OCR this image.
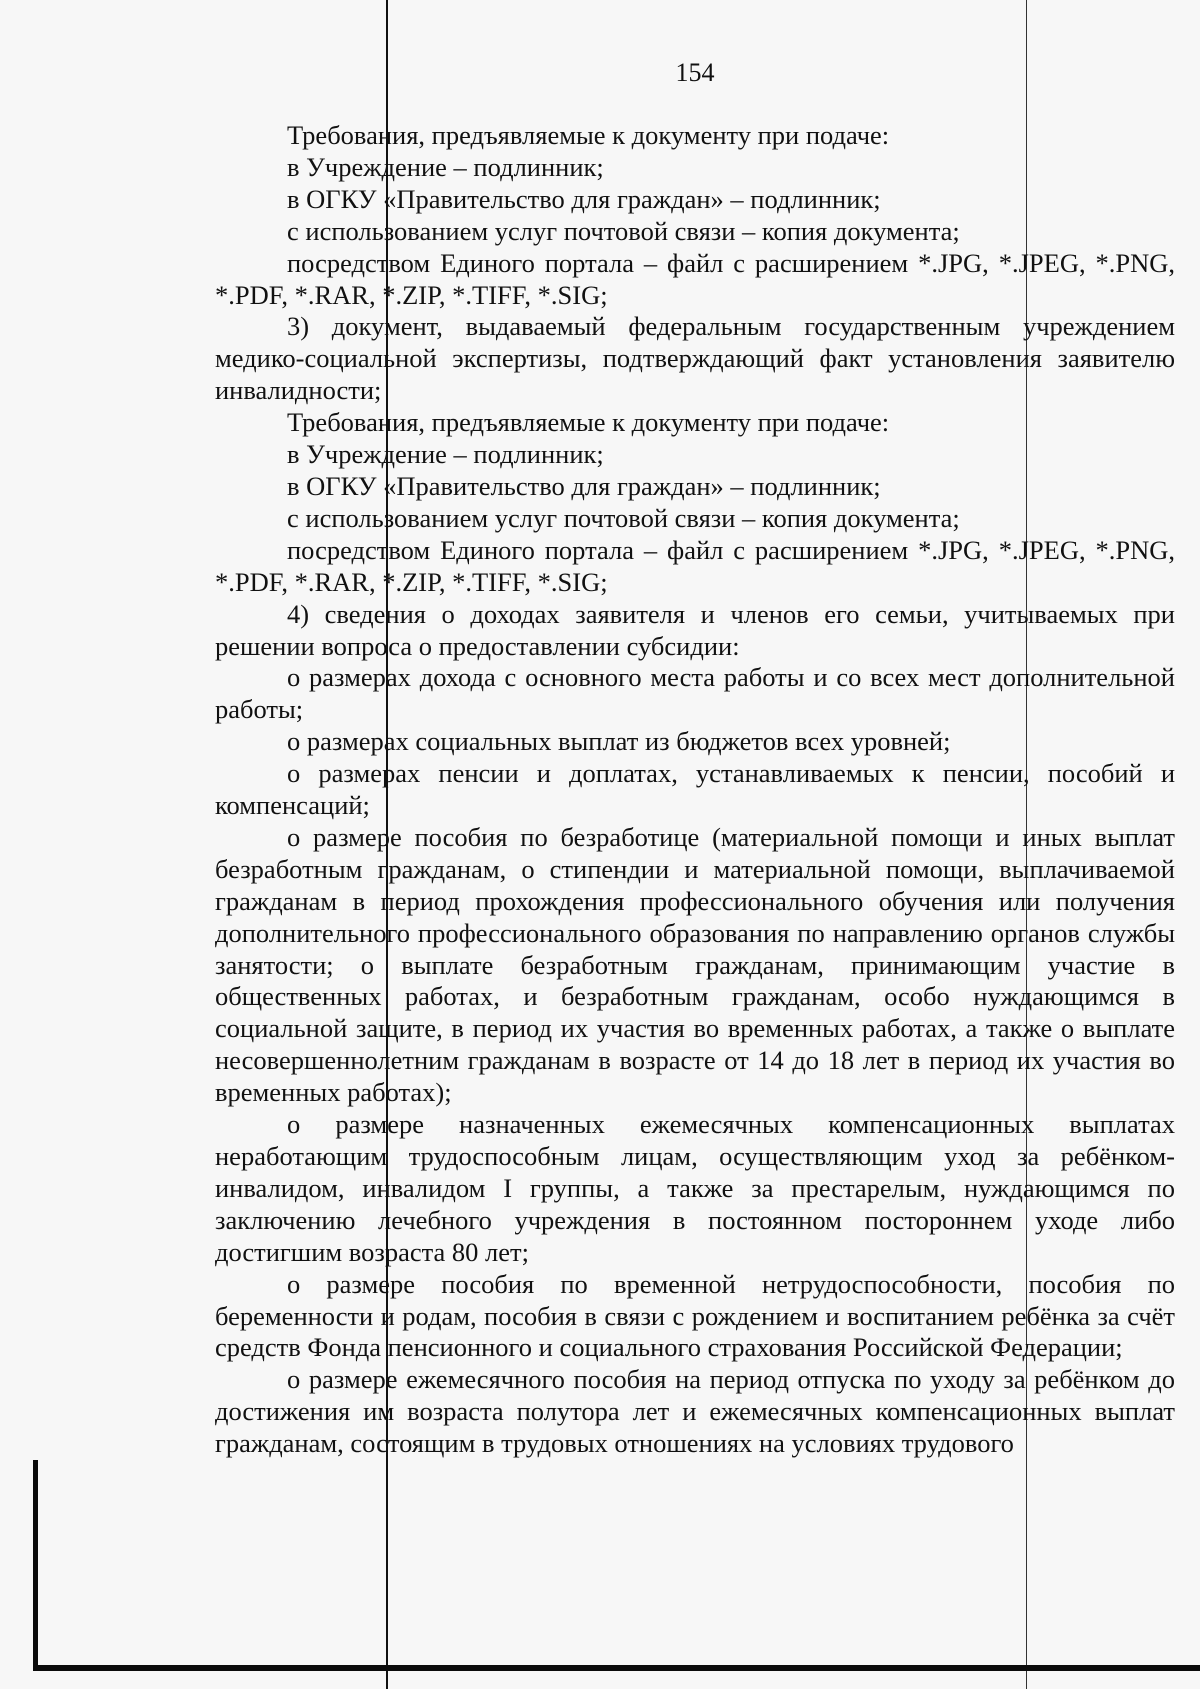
154

Требования, предъявляемые к документу при подаче:

в Учреждение – подлинник;

в ОГКУ «Правительство для граждан» – подлинник;

с использованием услуг почтовой связи – копия документа;

посредством Единого портала – файл с расширением *.JPG, *.JPEG, *.PNG, *.PDF, *.RAR, *.ZIP, *.TIFF, *.SIG;

3) документ, выдаваемый федеральным государственным учреждением медико-социальной экспертизы, подтверждающий факт установления заявителю инвалидности;

Требования, предъявляемые к документу при подаче:

в Учреждение – подлинник;

в ОГКУ «Правительство для граждан» – подлинник;

с использованием услуг почтовой связи – копия документа;

посредством Единого портала – файл с расширением *.JPG, *.JPEG, *.PNG, *.PDF, *.RAR, *.ZIP, *.TIFF, *.SIG;

4) сведения о доходах заявителя и членов его семьи, учитываемых при решении вопроса о предоставлении субсидии:

о размерах дохода с основного места работы и со всех мест дополнительной работы;

о размерах социальных выплат из бюджетов всех уровней;

о размерах пенсии и доплатах, устанавливаемых к пенсии, пособий и компенсаций;

о размере пособия по безработице (материальной помощи и иных выплат безработным гражданам, о стипендии и материальной помощи, выплачиваемой гражданам в период прохождения профессионального обучения или получения дополнительного профессионального образования по направлению органов службы занятости; о выплате безработным гражданам, принимающим участие в общественных работах, и безработным гражданам, особо нуждающимся в социальной защите, в период их участия во временных работах, а также о выплате несовершеннолетним гражданам в возрасте от 14 до 18 лет в период их участия во временных работах);

о размере назначенных ежемесячных компенсационных выплатах неработающим трудоспособным лицам, осуществляющим уход за ребёнком-инвалидом, инвалидом I группы, а также за престарелым, нуждающимся по заключению лечебного учреждения в постоянном постороннем уходе либо достигшим возраста 80 лет;

о размере пособия по временной нетрудоспособности, пособия по беременности и родам, пособия в связи с рождением и воспитанием ребёнка за счёт средств Фонда пенсионного и социального страхования Российской Федерации;

о размере ежемесячного пособия на период отпуска по уходу за ребёнком до достижения им возраста полутора лет и ежемесячных компенсационных выплат гражданам, состоящим в трудовых отношениях на условиях трудового
